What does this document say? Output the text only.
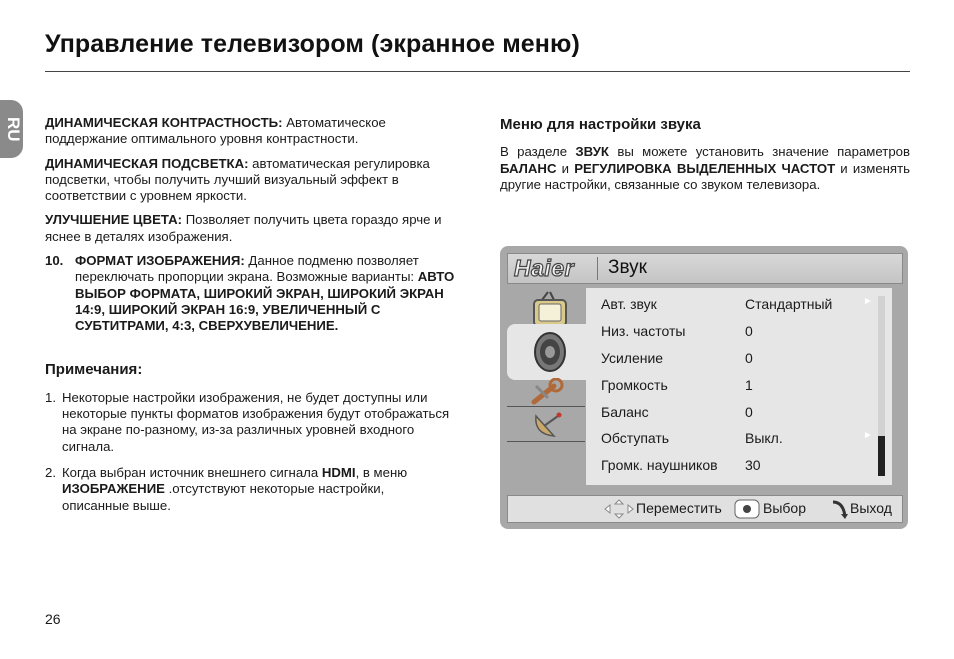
Управление телевизором (экранное меню)
RU ДИНАМИЧЕСКАЯ КОНТРАСТНОСТЬ: Автоматическое поддержание оптимального уровня контрастности.

ДИНАМИЧЕСКАЯ ПОДСВЕТКА: автоматическая регулировка подсветки, чтобы получить лучший визуальный эффект в соответствии с уровнем яркости.

УЛУЧШЕНИЕ ЦВЕТА: Позволяет получить цвета гораздо ярче и яснее в деталях изображения.

10. ФОРМАТ ИЗОБРАЖЕНИЯ: Данное подменю позволяет переключать пропорции экрана. Возможные варианты: АВТО ВЫБОР ФОРМАТА, ШИРОКИЙ ЭКРАН, ШИРОКИЙ ЭКРАН 14:9, ШИРОКИЙ ЭКРАН 16:9, УВЕЛИЧЕННЫЙ С СУБТИТРАМИ, 4:3, СВЕРХУВЕЛИЧЕНИЕ.

Примечания:

1. Некоторые настройки изображения, не будет доступны или некоторые пункты форматов изображения будут отображаться на экране по-разному, из-за различных уровней входного сигнала.
2. Когда выбран источник внешнего сигнала HDMI, в меню ИЗОБРАЖЕНИЕ .отсутствуют некоторые настройки, описанные выше.
Меню для настройки звука

В разделе ЗВУК вы можете установить значение параметров БАЛАНС и РЕГУЛИРОВКА ВЫДЕЛЕННЫХ ЧАСТОТ и изменять другие настройки, связанные со звуком телевизора.

Haier Звук
Авт. звук	Стандартный	►
Низ. частоты	0
Усиление	0
Громкость	1
Баланс	0
Обступать	Выкл.	►
Громк. наушников 30
Переместить	Выбор	Выход
26
